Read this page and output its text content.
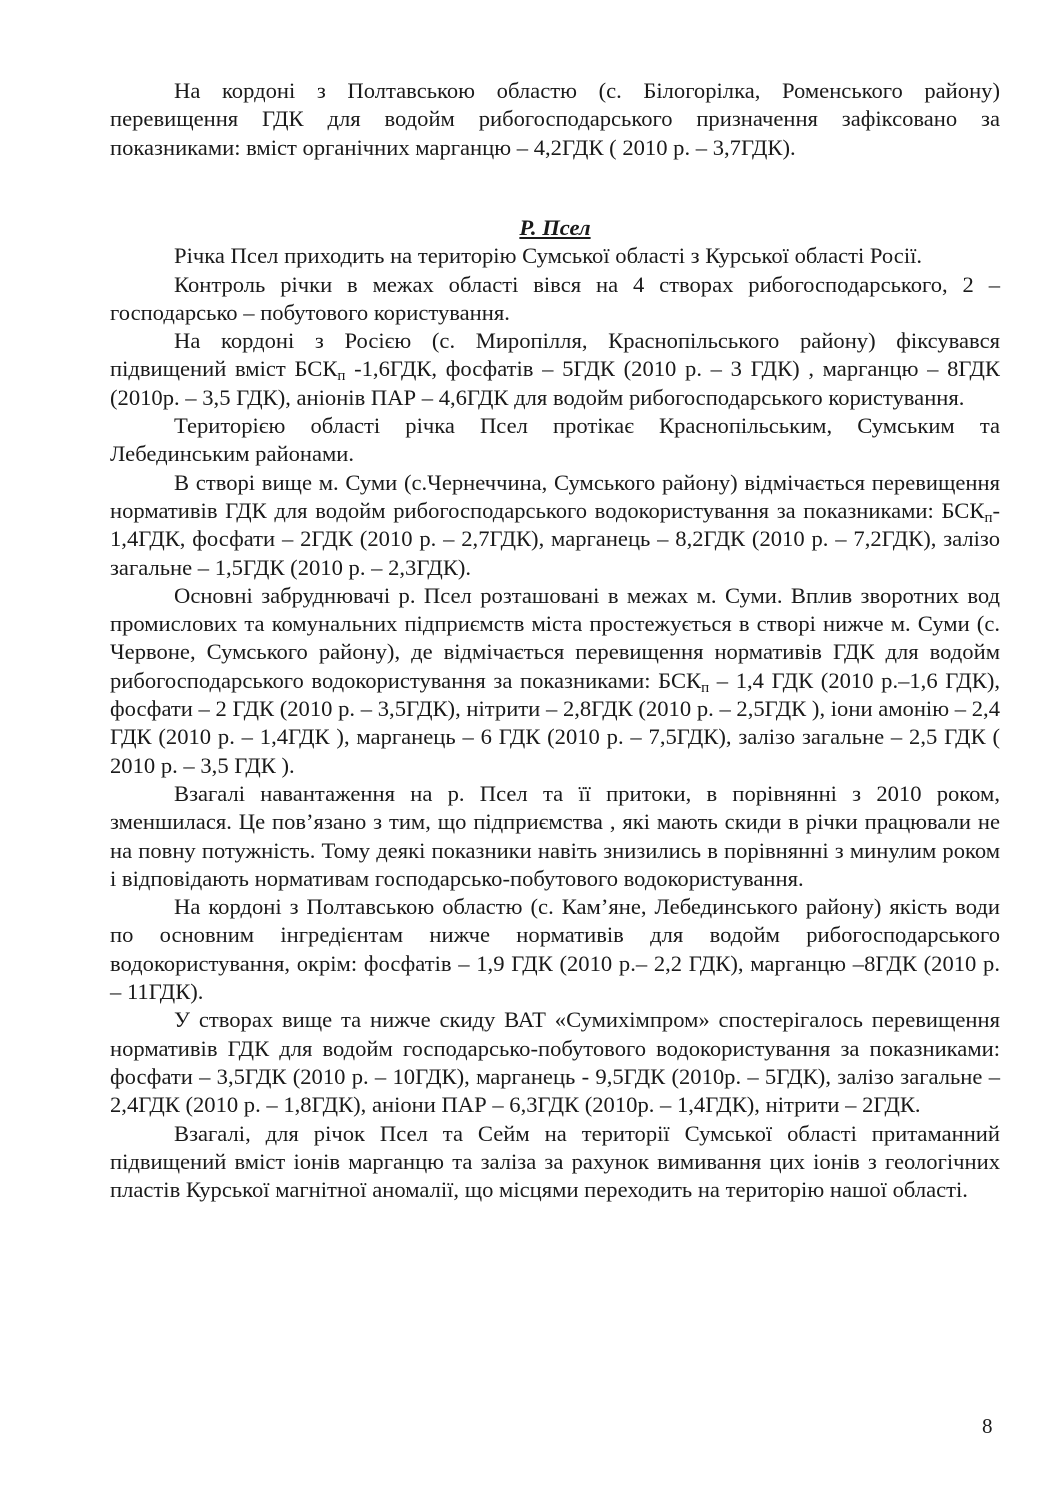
На кордоні з Полтавською областю (с. Білогорілка, Роменського району) перевищення ГДК для водойм рибогосподарського призначення зафіксовано за показниками: вміст органічних марганцю – 4,2ГДК ( 2010 р. – 3,7ГДК).

Р. Псел

Річка Псел приходить на територію Сумської області з Курської області Росії.

Контроль річки в межах області вівся на 4 створах рибогосподарського, 2 – господарсько – побутового користування.

На кордоні з Росією (с. Миропілля, Краснопільського району) фіксувався підвищений вміст $БСК_п$ -1,6ГДК, фосфатів – 5ГДК (2010 р. – 3 ГДК) , марганцю – 8ГДК (2010р. – 3,5 ГДК), аніонів ПАР – 4,6ГДК для водойм рибогосподарського користування.

Територією області річка Псел протікає Краснопільським, Сумським та Лебединським районами.

В створі вище м. Суми (с.Чернеччина, Сумського району) відмічається перевищення нормативів ГДК для водойм рибогосподарського водокористування за показниками: $БСК_п-$ 1,4ГДК, фосфати – 2ГДК (2010 р. – 2,7ГДК), марганець – 8,2ГДК (2010 р. – 7,2ГДК), залізо загальне – 1,5ГДК (2010 р. – 2,3ГДК).

Основні забруднювачі р. Псел розташовані в межах м. Суми. Вплив зворотних вод промислових та комунальних підприємств міста простежується в створі нижче м. Суми (с. Червоне, Сумського району), де відмічається перевищення нормативів ГДК для водойм рибогосподарського водокористування за показниками: $БСК_п - 1,4$ ГДК (2010 р.–1,6 ГДК), фосфати – 2 ГДК (2010 р. – 3,5ГДК), нітрити – 2,8ГДК (2010 р. – 2,5ГДК ), іони амонію – 2,4 ГДК (2010 р. – 1,4ГДК ), марганець – 6 ГДК (2010 р. – 7,5ГДК), залізо загальне – 2,5 ГДК ( 2010 р. – 3,5 ГДК ).

Взагалі навантаження на р. Псел та її притоки, в порівнянні з 2010 роком, зменшилася. Це пов’язано з тим, що підприємства , які мають скиди в річки працювали не на повну потужність. Тому деякі показники навіть знизились в порівнянні з минулим роком і відповідають нормативам господарсько-побутового водокористування.

На кордоні з Полтавською областю (с. Кам’яне, Лебединського району) якість води по основним інгредієнтам нижче нормативів для водойм рибогосподарського водокористування, окрім: фосфатів – 1,9 ГДК (2010 р.– 2,2 ГДК), марганцю –8ГДК (2010 р. – 11ГДК).

У створах вище та нижче скиду ВАТ «Сумихімпром» спостерігалось перевищення нормативів ГДК для водойм господарсько-побутового водокористування за показниками: фосфати – 3,5ГДК (2010 р. – 10ГДК), марганець - 9,5ГДК (2010р. – 5ГДК), залізо загальне – 2,4ГДК (2010 р. – 1,8ГДК), аніони ПАР – 6,3ГДК (2010р. – 1,4ГДК), нітрити – 2ГДК.

Взагалі, для річок Псел та Сейм на території Сумської області притаманний підвищений вміст іонів марганцю та заліза за рахунок вимивання цих іонів з геологічних пластів Курської магнітної аномалії, що місцями переходить на територію нашої області.

8
